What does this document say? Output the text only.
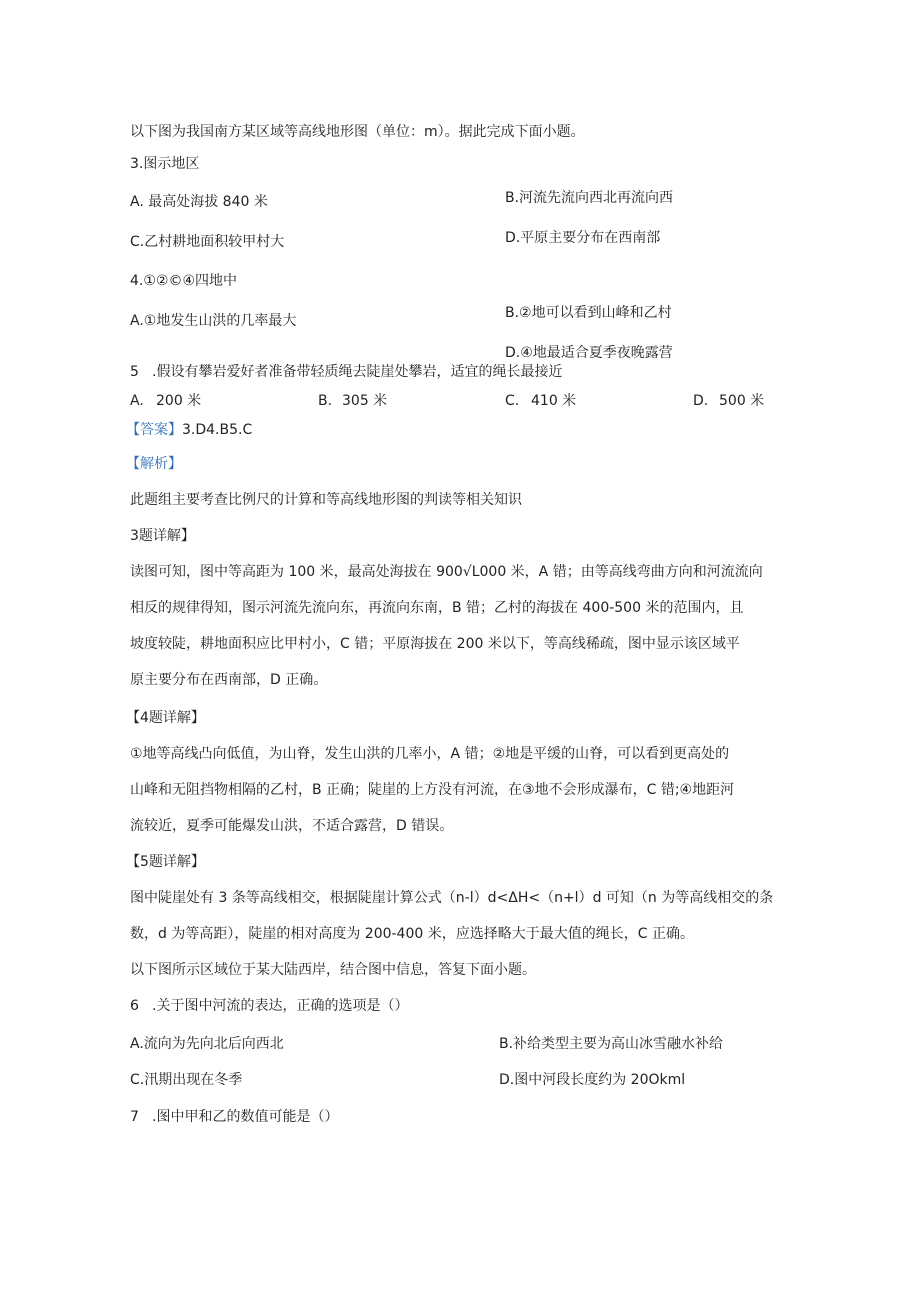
以下图为我国南方某区域等高线地形图（单位：m）。据此完成下面小题。
3.图示地区
A. 最高处海拔 840 米	B.河流先流向西北再流向西
C.乙村耕地面积较甲村大	D.平原主要分布在西南部
4.①②©④四地中
A.①地发生山洪的几率最大	B.②地可以看到山峰和乙村
D.④地最适合夏季夜晚露营
5 .假设有攀岩爱好者准备带轻质绳去陡崖处攀岩，适宜的绳长最接近
A. 200 米	B. 305 米	C. 410 米	D. 500 米
【答案】3.D4.B5.C
【解析】
此题组主要考查比例尺的计算和等高线地形图的判读等相关知识
3题详解】
读图可知，图中等高距为 100 米，最高处海拔在 900√L000 米，A 错；由等高线弯曲方向和河流流向
相反的规律得知，图示河流先流向东，再流向东南，B 错；乙村的海拔在 400-500 米的范围内，且
坡度较陡，耕地面积应比甲村小，C 错；平原海拔在 200 米以下，等高线稀疏，图中显示该区域平
原主要分布在西南部，D 正确。
【4题详解】
①地等高线凸向低值，为山脊，发生山洪的几率小，A 错；②地是平缓的山脊，可以看到更高处的
山峰和无阻挡物相隔的乙村，B 正确；陡崖的上方没有河流，在③地不会形成瀑布，C 错;④地距河
流较近，夏季可能爆发山洪，不适合露营，D 错误。
【5题详解】
图中陡崖处有 3 条等高线相交，根据陡崖计算公式（n-l）d<ΔH<（n+l）d 可知（n 为等高线相交的条
数，d 为等高距），陡崖的相对高度为 200-400 米，应选择略大于最大值的绳长，C 正确。
以下图所示区域位于某大陆西岸，结合图中信息，答复下面小题。
6 .关于图中河流的表达，正确的选项是（）
A.流向为先向北后向西北	B.补给类型主要为高山冰雪融水补给
C.汛期出现在冬季	D.图中河段长度约为 20Okml
7 .图中甲和乙的数值可能是（）
